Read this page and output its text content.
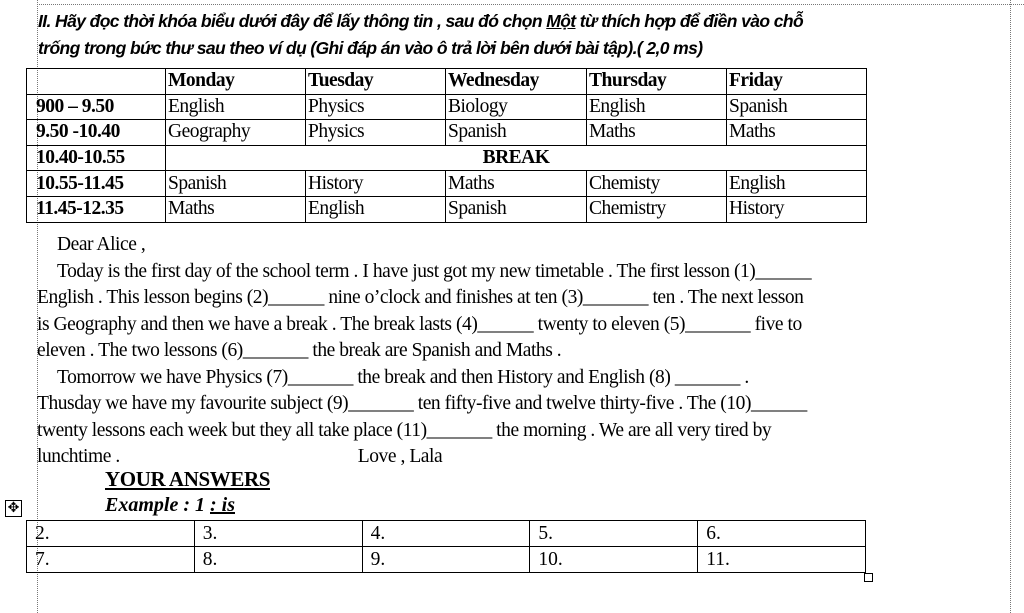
II. Hãy đọc thời khóa biểu dưới đây để lấy thông tin , sau đó chọn Một từ thích hợp để điền vào chỗ
trống trong bức thư sau theo ví dụ (Ghi đáp án vào ô trả lời bên dưới bài tập).( 2,0 ms)
	Monday	Tuesday	Wednesday	Thursday	Friday
900 – 9.50	English	Physics	Biology	English	Spanish
9.50 -10.40	Geography	Physics	Spanish	Maths	Maths
10.40-10.55	BREAK				
10.55-11.45	Spanish	History	Maths	Chemisty	English
11.45-12.35	Maths	English	Spanish	Chemistry	History
Dear Alice ,
Today is the first day of the school term . I have just got my new timetable . The first lesson (1)______
English . This lesson begins (2)______ nine o’clock and finishes at ten (3)_______ ten . The next lesson
is Geography and then we have a break . The break lasts (4)______ twenty to eleven (5)_______ five to
eleven . The two lessons (6)_______ the break are Spanish and Maths .
Tomorrow we have Physics (7)_______ the break and then History and English (8) _______ .
Thusday we have my favourite subject (9)_______ ten fifty-five and twelve thirty-five . The (10)______
twenty lessons each week but they all take place (11)_______ the morning . We are all very tired by
lunchtime .	Love , Lala
YOUR ANSWERS
Example : 1 : is
✥
2.	3.	4.	5.	6.
7.	8.	9.	10.	11.
